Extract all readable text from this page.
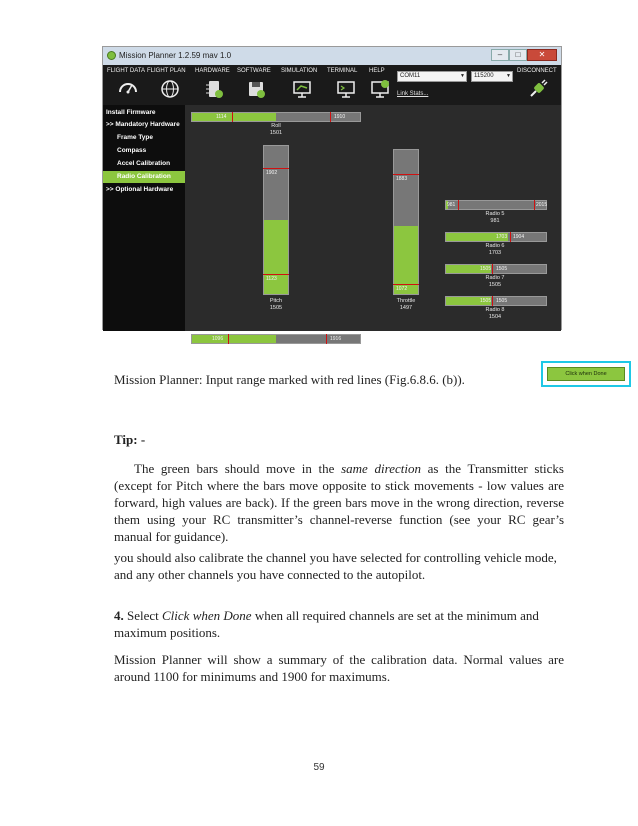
Mission Planner 1.2.59 mav 1.0	–	□	✕
FLIGHT DATA FLIGHT PLAN HARDWARE SOFTWARE SIMULATION TERMINAL HELP
COM11	▼	115200 ▼
DISCONNECT
Link Stats...
Install Firmware
>> Mandatory Hardware
Frame Type
Compass
Accel Calibration
Radio Calibration
>> Optional Hardware
1114	1910
Roll
1501
1902
1123
Pitch
1505
1883
1072
Throttle
1497
1096	1916
981	2015
Radio 5
981
1703 1904
Radio 6
1703
1505 1505
Radio 7
1505
1505 1505
Radio 8
1504
Click when Done
Mission Planner: Input range marked with red lines (Fig.6.8.6. (b)).
Tip: -
The green bars should move in the same direction as the Transmitter sticks (except for Pitch where the bars move opposite to stick movements - low values are forward, high values are back). If the green bars move in the wrong direction, reverse them using your RC transmitter’s channel-reverse function (see your RC gear’s manual for guidance).
you should also calibrate the channel you have selected for controlling vehicle mode, and any other channels you have connected to the autopilot.
4. Select Click when Done when all required channels are set at the minimum and maximum positions.
Mission Planner will show a summary of the calibration data. Normal values are around 1100 for minimums and 1900 for maximums.
59
